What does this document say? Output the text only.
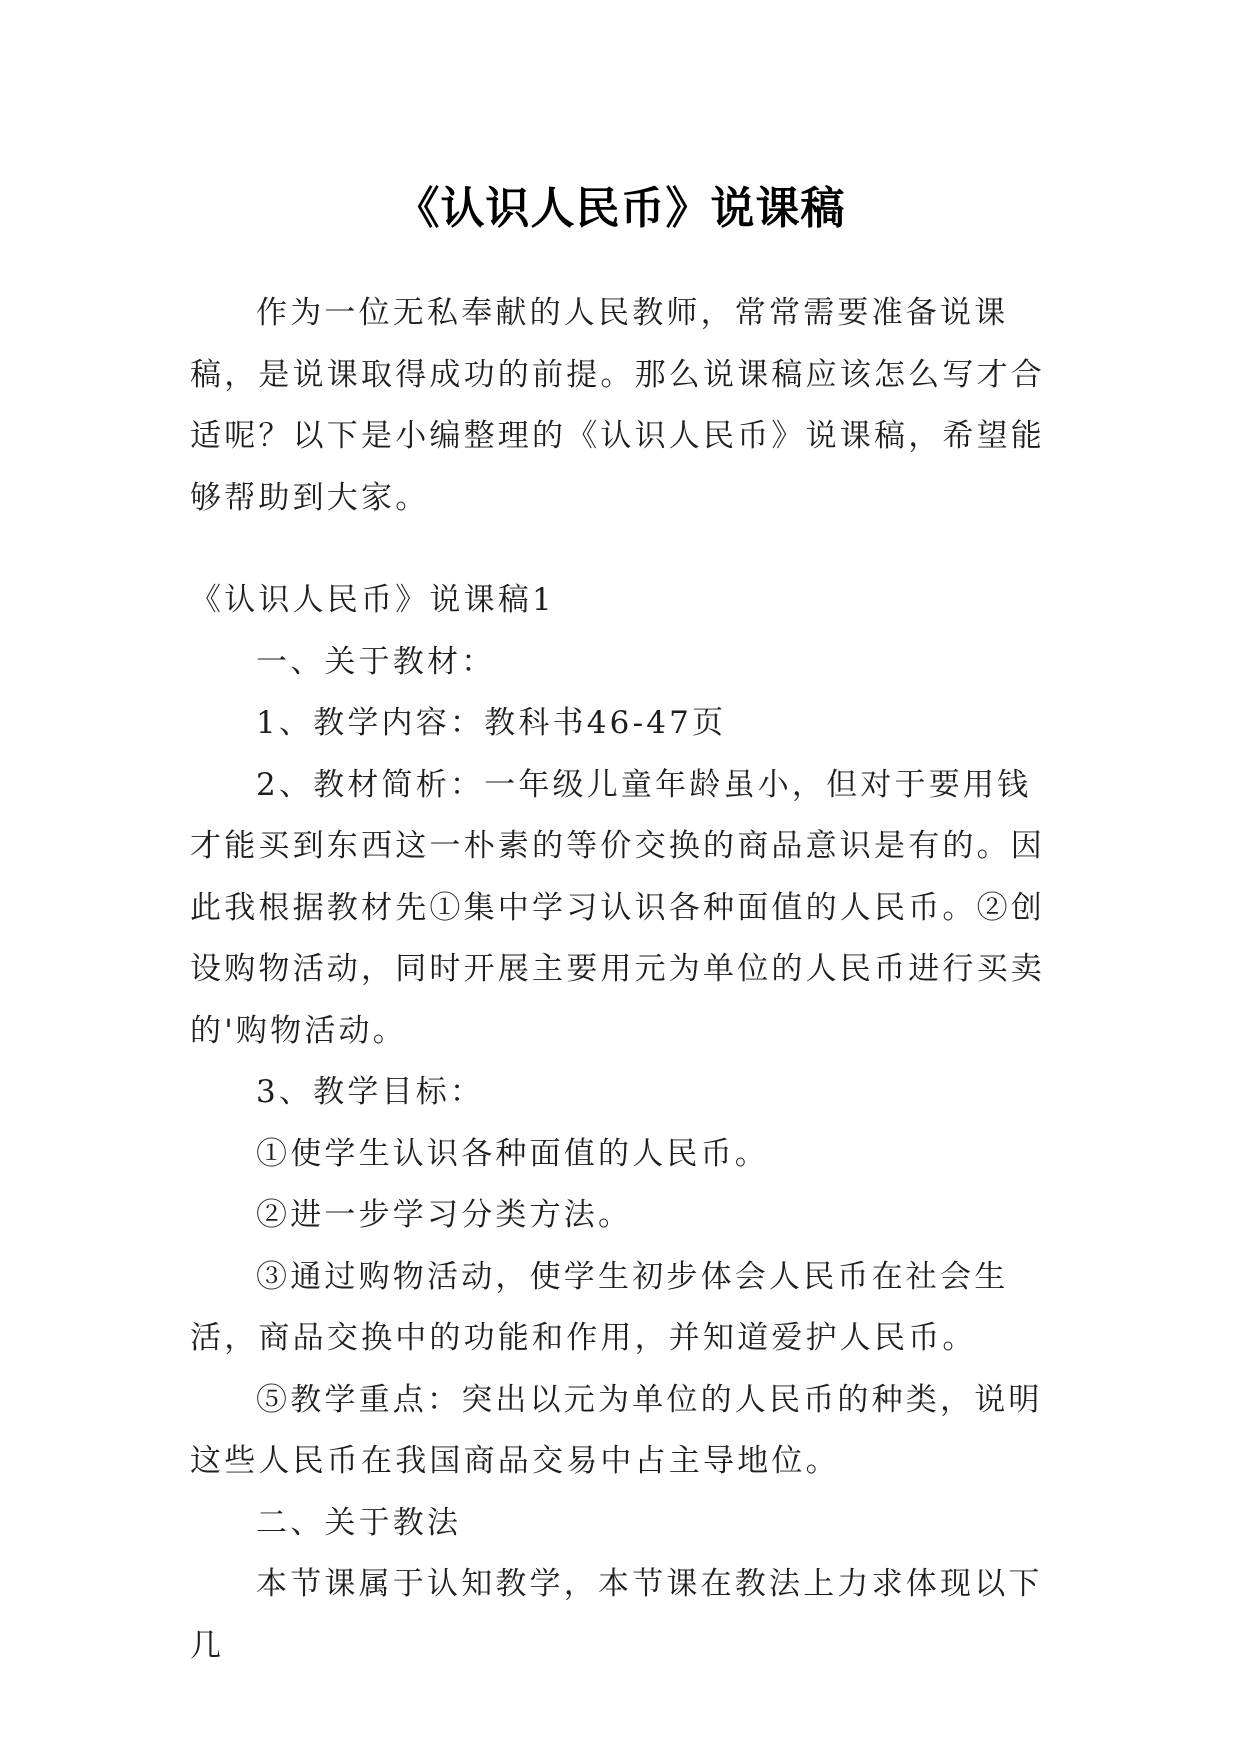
《认识人民币》说课稿

作为一位无私奉献的人民教师，常常需要准备说课稿，是说课取得成功的前提。那么说课稿应该怎么写才合适呢？以下是小编整理的《认识人民币》说课稿，希望能够帮助到大家。

《认识人民币》说课稿1

一、关于教材：

1、教学内容：教科书46-47页

2、教材简析：一年级儿童年龄虽小，但对于要用钱才能买到东西这一朴素的等价交换的商品意识是有的。因此我根据教材先①集中学习认识各种面值的人民币。②创设购物活动，同时开展主要用元为单位的人民币进行买卖的'购物活动。

3、教学目标：

①使学生认识各种面值的人民币。

②进一步学习分类方法。

③通过购物活动，使学生初步体会人民币在社会生活，商品交换中的功能和作用，并知道爱护人民币。

⑤教学重点：突出以元为单位的人民币的种类，说明这些人民币在我国商品交易中占主导地位。

二、关于教法

本节课属于认知教学，本节课在教法上力求体现以下几
